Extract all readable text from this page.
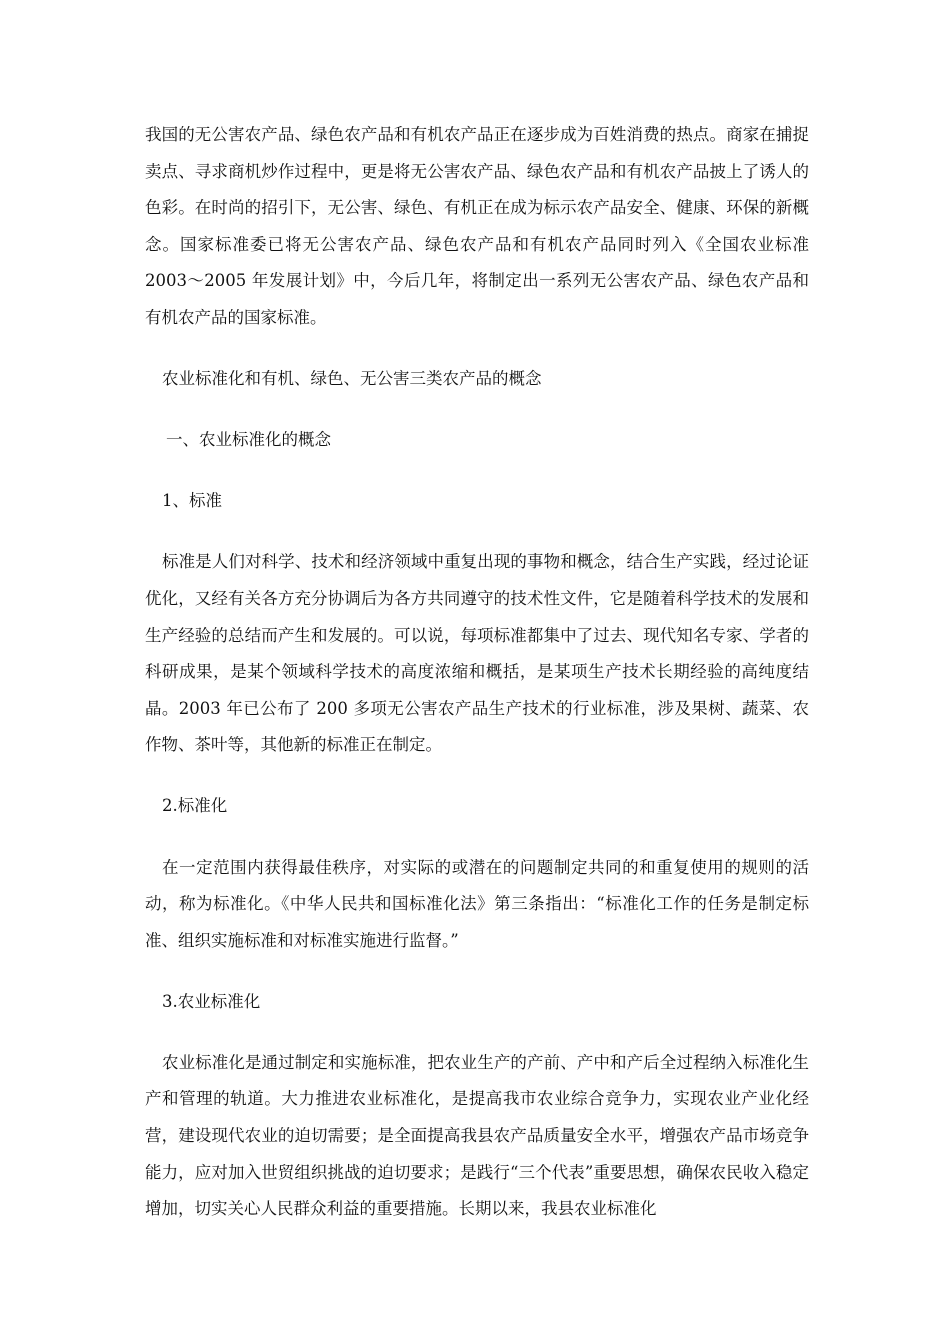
我国的无公害农产品、绿色农产品和有机农产品正在逐步成为百姓消费的热点。商家在捕捉卖点、寻求商机炒作过程中，更是将无公害农产品、绿色农产品和有机农产品披上了诱人的色彩。在时尚的招引下，无公害、绿色、有机正在成为标示农产品安全、健康、环保的新概念。国家标准委已将无公害农产品、绿色农产品和有机农产品同时列入《全国农业标准 2003～2005 年发展计划》中，今后几年，将制定出一系列无公害农产品、绿色农产品和有机农产品的国家标准。

农业标准化和有机、绿色、无公害三类农产品的概念

一、农业标准化的概念

1、标准

标准是人们对科学、技术和经济领域中重复出现的事物和概念，结合生产实践，经过论证优化，又经有关各方充分协调后为各方共同遵守的技术性文件，它是随着科学技术的发展和生产经验的总结而产生和发展的。可以说，每项标准都集中了过去、现代知名专家、学者的科研成果，是某个领域科学技术的高度浓缩和概括，是某项生产技术长期经验的高纯度结晶。2003 年已公布了 200 多项无公害农产品生产技术的行业标准，涉及果树、蔬菜、农作物、茶叶等，其他新的标准正在制定。

2.标准化

在一定范围内获得最佳秩序，对实际的或潜在的问题制定共同的和重复使用的规则的活动，称为标准化。《中华人民共和国标准化法》第三条指出：“标准化工作的任务是制定标准、组织实施标准和对标准实施进行监督。”

3.农业标准化

农业标准化是通过制定和实施标准，把农业生产的产前、产中和产后全过程纳入标准化生产和管理的轨道。大力推进农业标准化，是提高我市农业综合竞争力，实现农业产业化经营，建设现代农业的迫切需要；是全面提高我县农产品质量安全水平，增强农产品市场竞争能力，应对加入世贸组织挑战的迫切要求；是践行“三个代表”重要思想，确保农民收入稳定增加，切实关心人民群众利益的重要措施。长期以来，我县农业标准化
